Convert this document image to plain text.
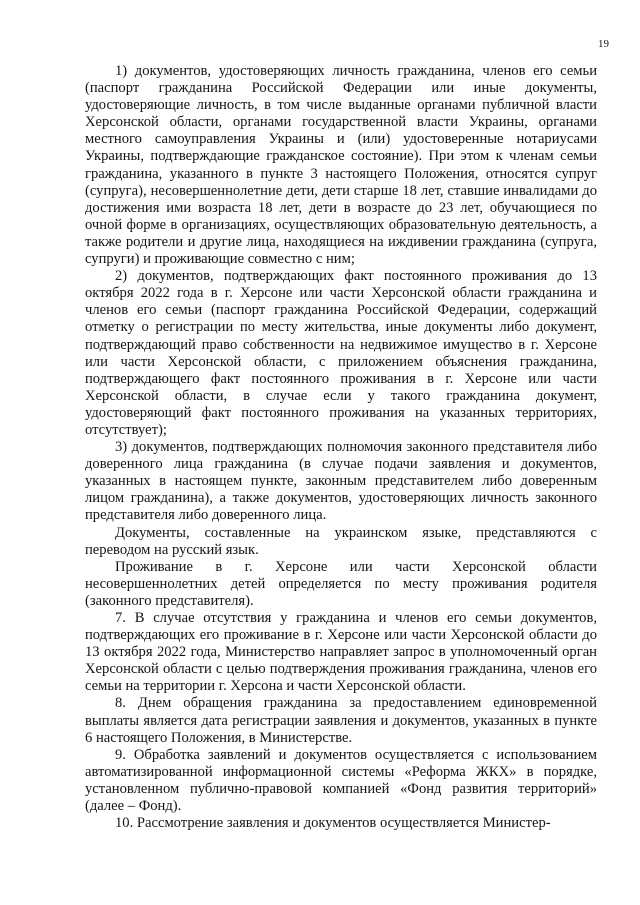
19

1) документов, удостоверяющих личность гражданина, членов его семьи (паспорт гражданина Российской Федерации или иные документы, удостоверяющие личность, в том числе выданные органами публичной власти Херсонской области, органами государственной власти Украины, органами местного самоуправления Украины и (или) удостоверенные нотариусами Украины, подтверждающие гражданское состояние). При этом к членам семьи гражданина, указанного в пункте 3 настоящего Положения, относятся супруг (супруга), несовершеннолетние дети, дети старше 18 лет, ставшие инвалидами до достижения ими возраста 18 лет, дети в возрасте до 23 лет, обучающиеся по очной форме в организациях, осуществляющих образовательную деятельность, а также родители и другие лица, находящиеся на иждивении гражданина (супруга, супруги) и проживающие совместно с ним;

2) документов, подтверждающих факт постоянного проживания до 13 октября 2022 года в г. Херсоне или части Херсонской области гражданина и членов его семьи (паспорт гражданина Российской Федерации, содержащий отметку о регистрации по месту жительства, иные документы либо документ, подтверждающий право собственности на недвижимое имущество в г. Херсоне или части Херсонской области, с приложением объяснения гражданина, подтверждающего факт постоянного проживания в г. Херсоне или части Херсонской области, в случае если у такого гражданина документ, удостоверяющий факт постоянного проживания на указанных территориях, отсутствует);

3) документов, подтверждающих полномочия законного представителя либо доверенного лица гражданина (в случае подачи заявления и документов, указанных в настоящем пункте, законным представителем либо доверенным лицом гражданина), а также документов, удостоверяющих личность законного представителя либо доверенного лица.

Документы, составленные на украинском языке, представляются с переводом на русский язык.

Проживание в г. Херсоне или части Херсонской области несовершеннолетних детей определяется по месту проживания родителя (законного представителя).

7. В случае отсутствия у гражданина и членов его семьи документов, подтверждающих его проживание в г. Херсоне или части Херсонской области до 13 октября 2022 года, Министерство направляет запрос в уполномоченный орган Херсонской области с целью подтверждения проживания гражданина, членов его семьи на территории г. Херсона и части Херсонской области.

8. Днем обращения гражданина за предоставлением единовременной выплаты является дата регистрации заявления и документов, указанных в пункте 6 настоящего Положения, в Министерстве.

9. Обработка заявлений и документов осуществляется с использованием автоматизированной информационной системы «Реформа ЖКХ» в порядке, установленном публично-правовой компанией «Фонд развития территорий» (далее – Фонд).

10. Рассмотрение заявления и документов осуществляется Министер-
